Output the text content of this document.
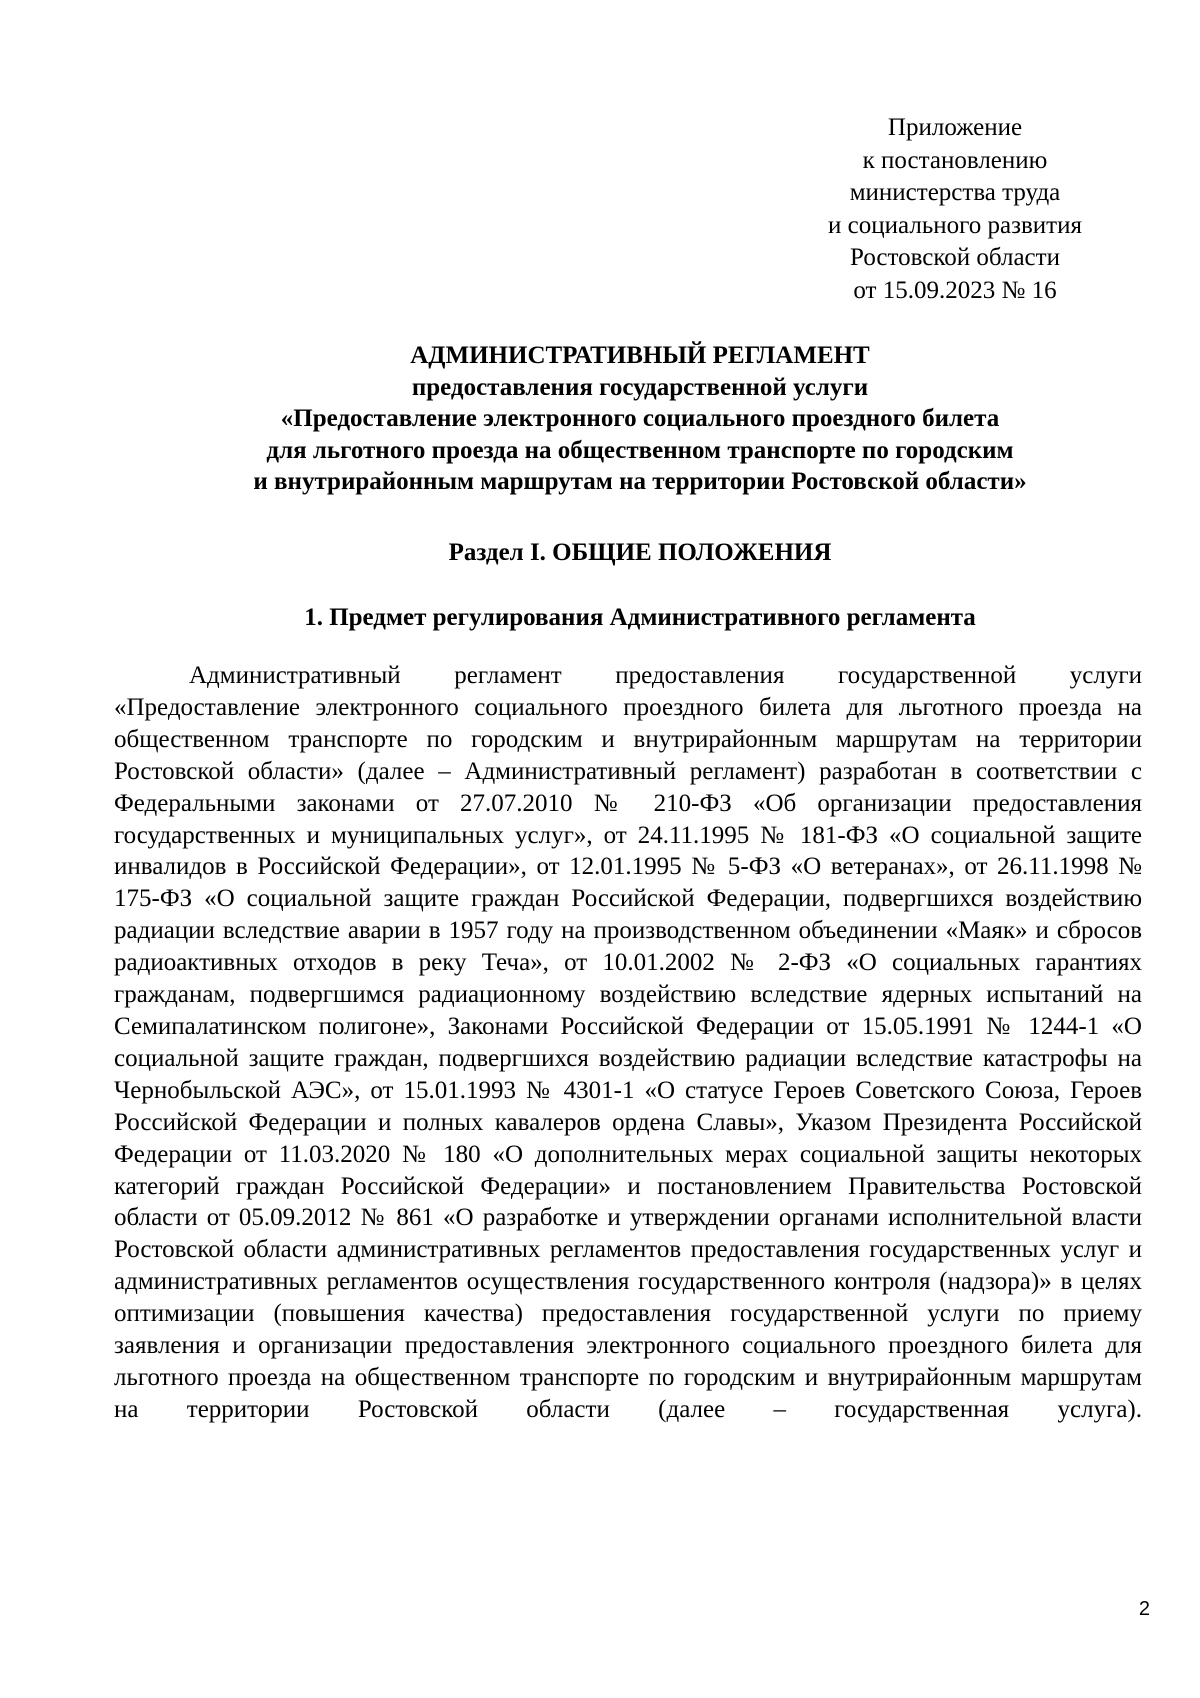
Приложение
к постановлению
министерства труда
и социального развития
Ростовской области
от 15.09.2023 № 16
АДМИНИСТРАТИВНЫЙ РЕГЛАМЕНТ
предоставления государственной услуги
«Предоставление электронного социального проездного билета
для льготного проезда на общественном транспорте по городским
и внутрирайонным маршрутам на территории Ростовской области»
Раздел I. ОБЩИЕ ПОЛОЖЕНИЯ
1. Предмет регулирования Административного регламента

Административный регламент предоставления государственной услуги «Предоставление электронного социального проездного билета для льготного проезда на общественном транспорте по городским и внутрирайонным маршрутам на территории Ростовской области» (далее – Административный регламент) разработан в соответствии с Федеральными законами от 27.07.2010 № 210-ФЗ «Об организации предоставления государственных и муниципальных услуг», от 24.11.1995 № 181-ФЗ «О социальной защите инвалидов в Российской Федерации», от 12.01.1995 № 5-ФЗ «О ветеранах», от 26.11.1998 № 175-ФЗ «О социальной защите граждан Российской Федерации, подвергшихся воздействию радиации вследствие аварии в 1957 году на производственном объединении «Маяк» и сбросов радиоактивных отходов в реку Теча», от 10.01.2002 № 2-ФЗ «О социальных гарантиях гражданам, подвергшимся радиационному воздействию вследствие ядерных испытаний на Семипалатинском полигоне», Законами Российской Федерации от 15.05.1991 № 1244-1 «О социальной защите граждан, подвергшихся воздействию радиации вследствие катастрофы на Чернобыльской АЭС», от 15.01.1993 № 4301-1 «О статусе Героев Советского Союза, Героев Российской Федерации и полных кавалеров ордена Славы», Указом Президента Российской Федерации от 11.03.2020 № 180 «О дополнительных мерах социальной защиты некоторых категорий граждан Российской Федерации» и постановлением Правительства Ростовской области от 05.09.2012 № 861 «О разработке и утверждении органами исполнительной власти Ростовской области административных регламентов предоставления государственных услуг и административных регламентов осуществления государственного контроля (надзора)» в целях оптимизации (повышения качества) предоставления государственной услуги по приему заявления и организации предоставления электронного социального проездного билета для льготного проезда на общественном транспорте по городским и внутрирайонным маршрутам на территории Ростовской области (далее – государственная услуга).

2
